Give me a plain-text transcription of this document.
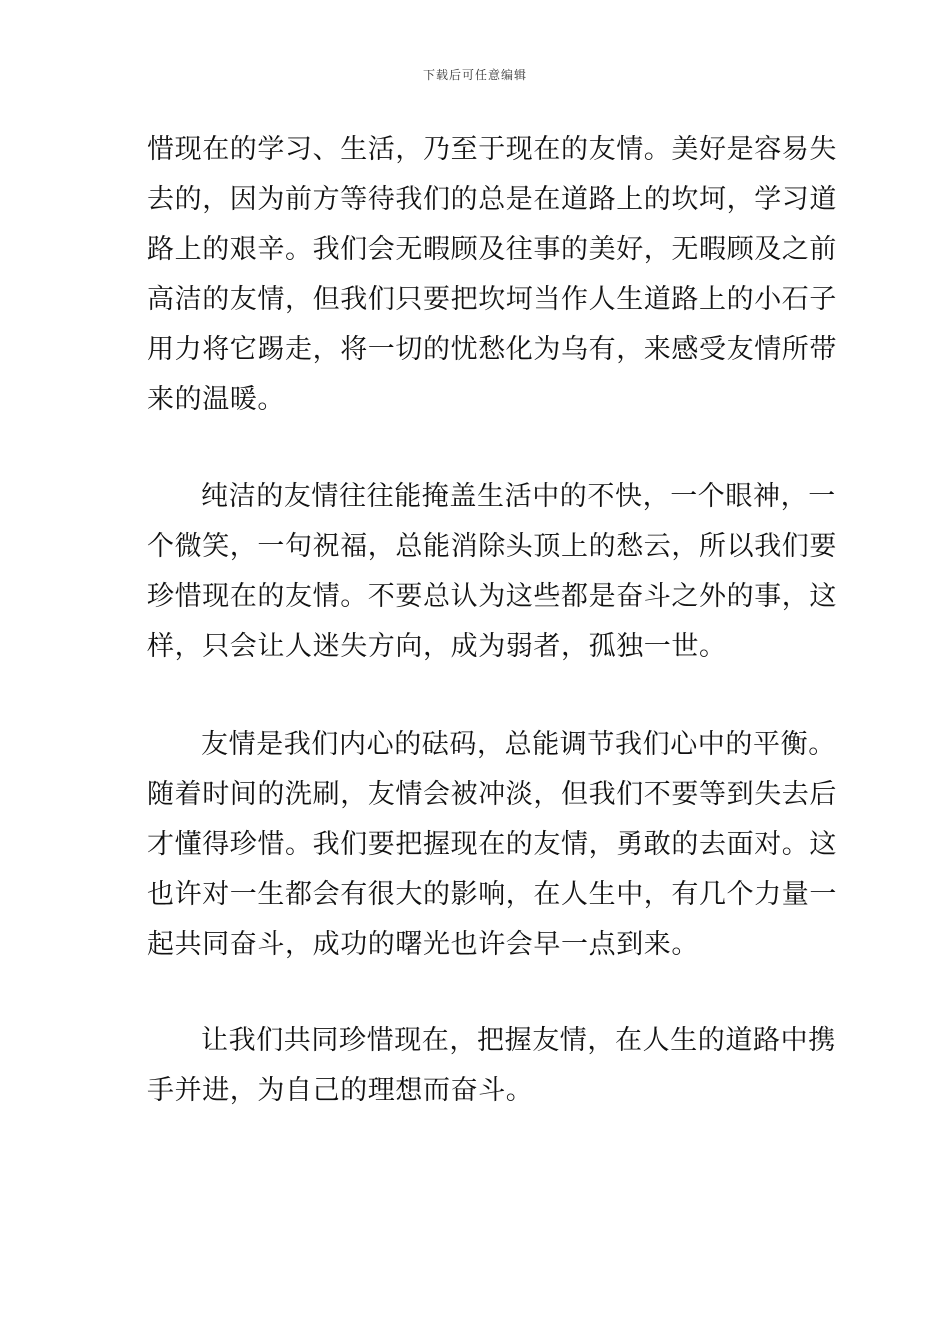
下载后可任意编辑
惜现在的学习、生活，乃至于现在的友情。美好是容易失
去的，因为前方等待我们的总是在道路上的坎坷，学习道
路上的艰辛。我们会无暇顾及往事的美好，无暇顾及之前
高洁的友情，但我们只要把坎坷当作人生道路上的小石子
用力将它踢走，将一切的忧愁化为乌有，来感受友情所带
来的温暖。
纯洁的友情往往能掩盖生活中的不快，一个眼神，一
个微笑，一句祝福，总能消除头顶上的愁云，所以我们要
珍惜现在的友情。不要总认为这些都是奋斗之外的事，这
样，只会让人迷失方向，成为弱者，孤独一世。
友情是我们内心的砝码，总能调节我们心中的平衡。
随着时间的洗刷，友情会被冲淡，但我们不要等到失去后
才懂得珍惜。我们要把握现在的友情，勇敢的去面对。这
也许对一生都会有很大的影响，在人生中，有几个力量一
起共同奋斗，成功的曙光也许会早一点到来。
让我们共同珍惜现在，把握友情，在人生的道路中携
手并进，为自己的理想而奋斗。
